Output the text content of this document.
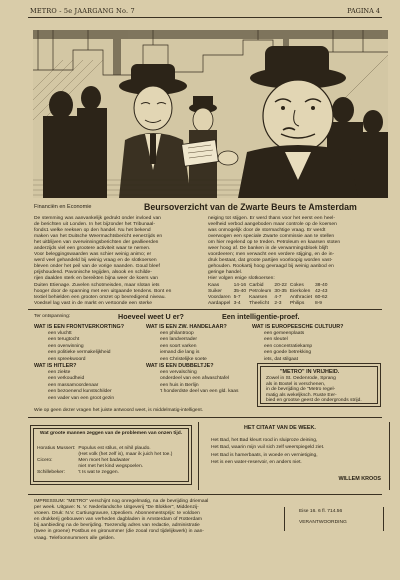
METRO - 5e JAARGANG No. 7	PAGINA 4
Financiën en Economie	Beursoverzicht van de Zwarte Beurs te Amsterdam
De stemming was aanvankelijk gedrukt onder invloed van
de berichten uit Londen. In het bijzonder het Tribunaal-
fonds1 welke reeksen op den handel. Nu het bekend
maken van het Duitsche Weermachtsbericht eenerzijds en
het uitblijven van overwinningsberichten der geallieerden
anderzijds viel een grootere activiteit waar te nemen.
Voor beleggingswaarden was schier weinig animo; er
werd veel gehandeld bij weinig vraag en de slotkoersen
bleven onder het peil van de vorige naanden. Goud bleef
prijshoudend. Pavonische tegijden, alsook en schilde-
rijen daalden sterk en bereikten bijna weer de koers van
Duiten Etienage. Zuvelen schotmeisden, maar slotan iets
hooger door de spanning met een uitgaande tendens. Bont en
textiel behielden een grooten omzet op bevredigend niveau.
Voedsel lag vast in de markt en vertoonde een sterke
neiging tot stijgen. Er werd thans voor het eerst een heel-
veelheid verbod aangeboden maar controle op de koersen
was onmogelijk door de stormachtige vraag. Er werdt
overwogen een speciale Zwarte commissie aan te stellen
om hier regelend op te treden. Petroleum en kaarsen stoten
weer hoog af. De banken in de verwarmingsbloek blijft
voordeeren; men verwacht een verdere stijging, en de in-
druk bestaat, dat groote partijen voorloopig worden vast-
gehouden. Rookartij hoog gevraagd bij weinig aanbod en
geringe handel.
Hier volgen enige slotkoersen:
Kaas	14-16	Carbid	20-22	Cokes	38-40
Suiker	35-40	Petroleum	30-35	Eierkolen	42-43
Voordaren	5-7	Kaarsen	4-7	Anthraciet	60-62
Aardappel	3-4	Theelicht	2-3	Philips	8-9
Ter ontspanning:	Hoeveel weet U er?	Een intelligentie-proef.
WAT IS EEN FRONTVERKORTING?
een vluchtt
een terugtocht
een overwinning
een politieke vermakelijkheid
een spreekwoord
WAT IS HITLER?
een ziekte
een verkoudheid
een massamoordenaar
een bezoenend kunstschilder
een vader van een groot gezin
WAT IS EEN ZW. HANDELAAR?
een philantroop
een landverrader
een soort varken
iemand die lang is
een Christelijke soete
WAT IS EEN DUBBELTJE?
een vervalsching
onderdeel van een afwaschtafel
een huis in Berlijn
't honderdste deel van een gld. kaas
WAT IS EUROPEESCHE CULTUUR?
een gemeenplaats
een sleutel
een concentratiekamp
een goede betrekking
iets, dat stilgaat
"METRO" IN VRIJHEID.
Zowel in St. Oedenrode, Sprang
als in Boxtel is verschenen,
in de bevrijding de "Metro regel-
matig als wekeljksch. Ruste Eer-
bied en grootse geest de ondergronds strijd.
Wie op geen dezer vragen het juiste antwoord weet, is middelmatig-intelligent.
Wat groote mannen zeggen van de problemen van onzen tijd.
Horatius Mussert:	Populus est stilus, et nihil plaudo.
	(Het volk (het zelf is), maar ik juich het toe.)
Cicero:	Men moet het badwater
	niet met het kind wegspoelen.
Schillebeker:	't Is wat te zeggen.
HET CITAAT VAN DE WEEK.
Het Bad, het Bad kleurt rood in sluiproze deining,
Het Bad, waarin mijn vuil sich zelf weerspiegeld ziet.
Het Bad is hamerbaats, in woede en vernietiging,
Het is een water-reservoir, en anders niet.
WILLEM KROOS
IMPRESSUM: "METRO" verschijnt nog onregelmatig, na de bevrijding driemaal
per week. Uitgave: N. V. Nederlandsche Uitgeverij "De Blokker", Middenzij-
vroeen. Druk: N.V. Curtiusgravure, IJpeoliem. Abonnementsprijs: te voldoen
en drukkerij gebouwen van verheden dagbladen in Amsterdam of Rotterdam
bij aanbieding na de bevrijding. Toezendig adres van redactie, administratie
(twee in groene) Postbus en gironummer (die zooal rond tijdelijkwerk) in aan-
vraag. Telefoonnummers alle gelden.
Eise 16. 6 fl. 714.56
VERANTWOORDING
